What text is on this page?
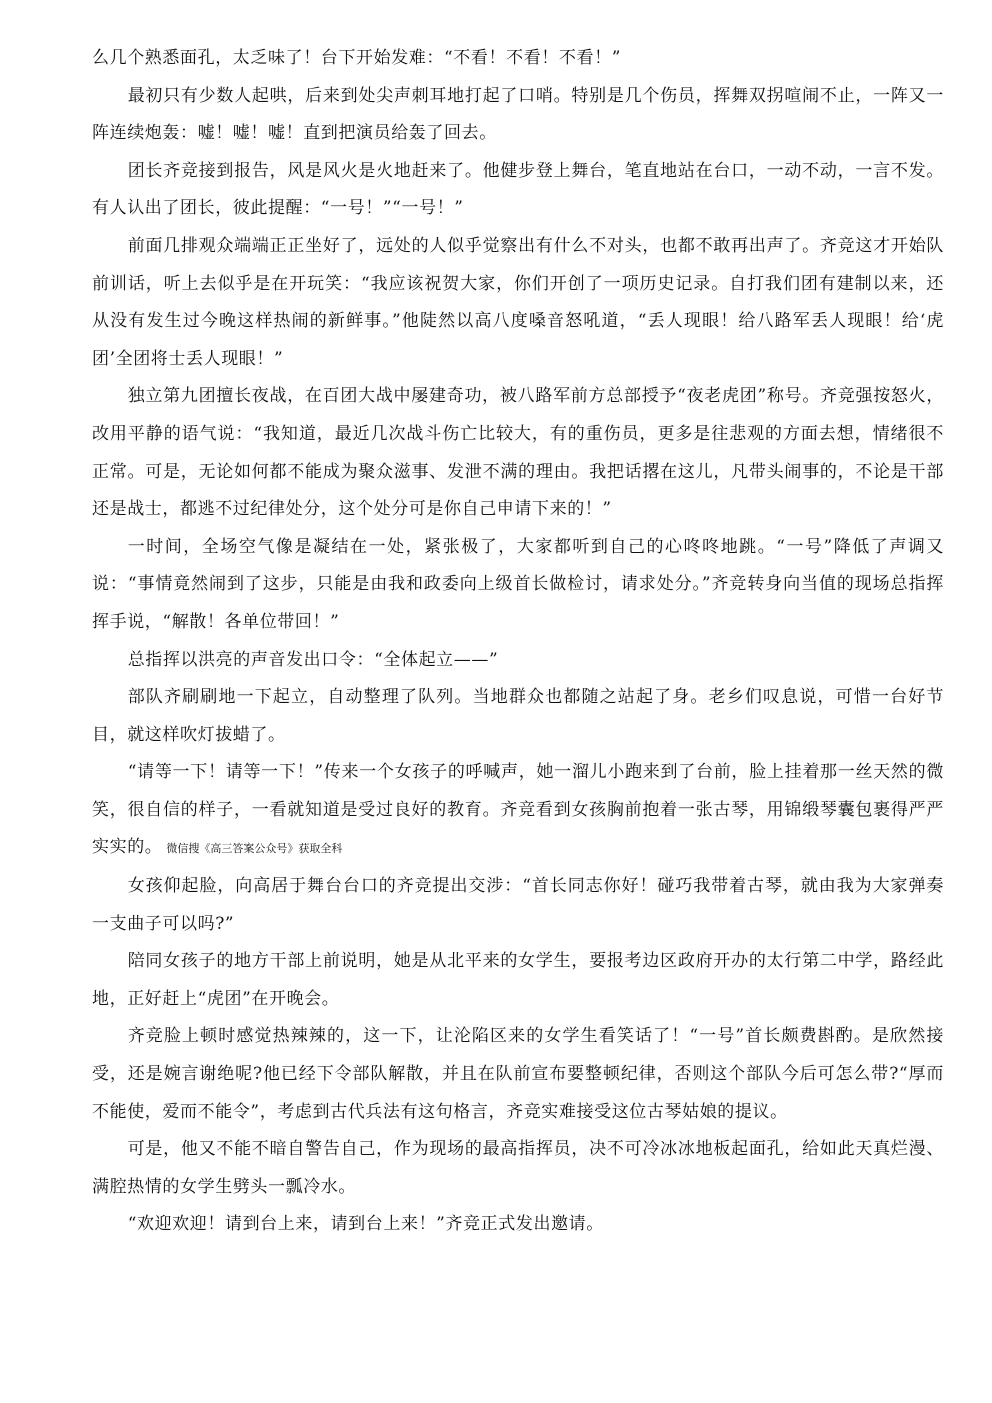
么几个熟悉面孔，太乏味了！台下开始发难：“不看！不看！不看！”

最初只有少数人起哄，后来到处尖声刺耳地打起了口哨。特别是几个伤员，挥舞双拐喧闹不止，一阵又一阵连续炮轰：嘘！嘘！嘘！直到把演员给轰了回去。

团长齐竞接到报告，风是风火是火地赶来了。他健步登上舞台，笔直地站在台口，一动不动，一言不发。有人认出了团长，彼此提醒：“一号！”“一号！”

前面几排观众端端正正坐好了，远处的人似乎觉察出有什么不对头，也都不敢再出声了。齐竞这才开始队前训话，听上去似乎是在开玩笑：“我应该祝贺大家，你们开创了一项历史记录。自打我们团有建制以来，还从没有发生过今晚这样热闹的新鲜事。”他陡然以高八度嗓音怒吼道，“丢人现眼！给八路军丢人现眼！给‘虎团’全团将士丢人现眼！”

独立第九团擅长夜战，在百团大战中屡建奇功，被八路军前方总部授予“夜老虎团”称号。齐竞强按怒火，改用平静的语气说：“我知道，最近几次战斗伤亡比较大，有的重伤员，更多是往悲观的方面去想，情绪很不正常。可是，无论如何都不能成为聚众滋事、发泄不满的理由。我把话撂在这儿，凡带头闹事的，不论是干部还是战士，都逃不过纪律处分，这个处分可是你自己申请下来的！”

一时间，全场空气像是凝结在一处，紧张极了，大家都听到自己的心咚咚地跳。“一号”降低了声调又说：“事情竟然闹到了这步，只能是由我和政委向上级首长做检讨，请求处分。”齐竞转身向当值的现场总指挥挥手说，“解散！各单位带回！”

总指挥以洪亮的声音发出口令：“全体起立——”

部队齐刷刷地一下起立，自动整理了队列。当地群众也都随之站起了身。老乡们叹息说，可惜一台好节目，就这样吹灯拔蜡了。

“请等一下！请等一下！”传来一个女孩子的呼喊声，她一溜儿小跑来到了台前，脸上挂着那一丝天然的微笑，很自信的样子，一看就知道是受过良好的教育。齐竞看到女孩胸前抱着一张古琴，用锦缎琴囊包裹得严严实实的。 微信搜《高三答案公众号》获取全科

女孩仰起脸，向高居于舞台台口的齐竞提出交涉：“首长同志你好！碰巧我带着古琴，就由我为大家弹奏一支曲子可以吗?”

陪同女孩子的地方干部上前说明，她是从北平来的女学生，要报考边区政府开办的太行第二中学，路经此地，正好赶上“虎团”在开晚会。

齐竞脸上顿时感觉热辣辣的，这一下，让沦陷区来的女学生看笑话了！“一号”首长颇费斟酌。是欣然接受，还是婉言谢绝呢?他已经下令部队解散，并且在队前宣布要整顿纪律，否则这个部队今后可怎么带?“厚而不能使，爱而不能令”，考虑到古代兵法有这句格言，齐竞实难接受这位古琴姑娘的提议。

可是，他又不能不暗自警告自己，作为现场的最高指挥员，决不可冷冰冰地板起面孔，给如此天真烂漫、满腔热情的女学生劈头一瓢冷水。

“欢迎欢迎！请到台上来，请到台上来！”齐竞正式发出邀请。
